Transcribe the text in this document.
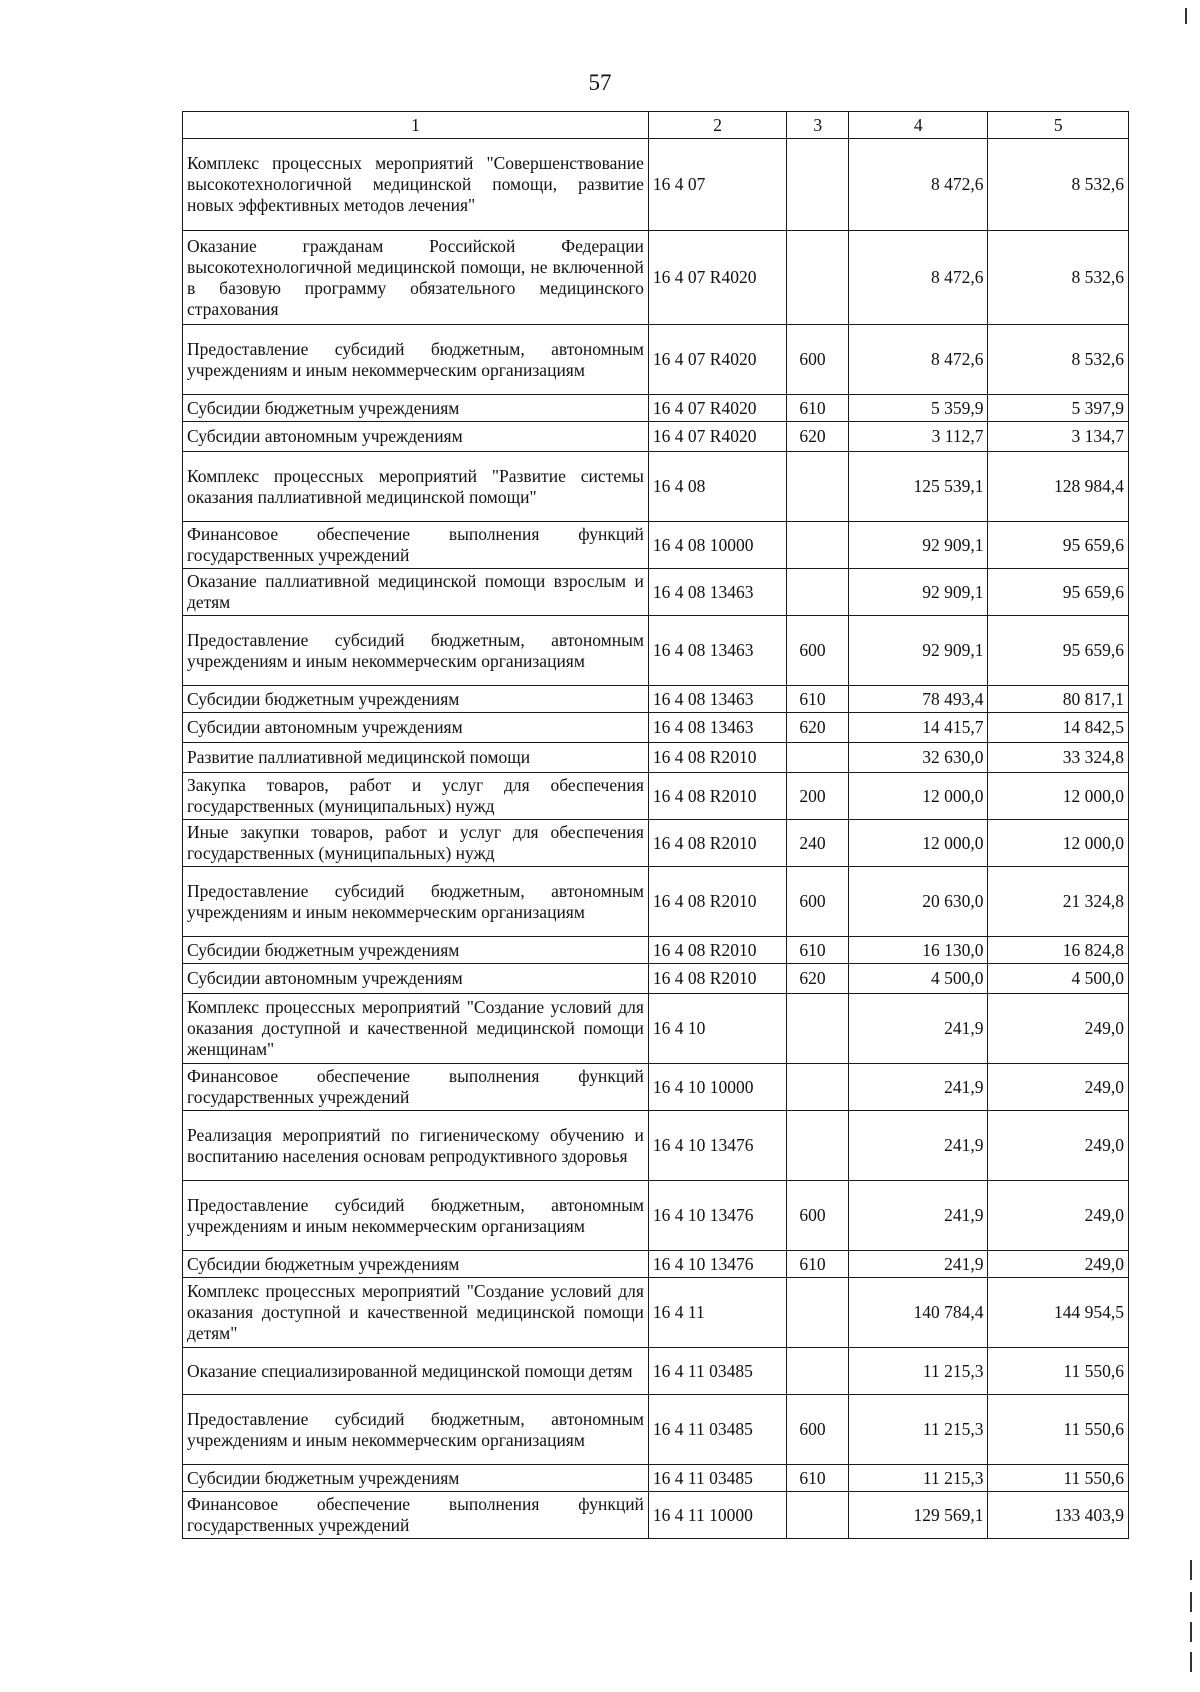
57
1	2	3	4	5
Комплекс процессных мероприятий "Совершенствование высокотехнологичной медицинской помощи, развитие новых эффективных методов лечения"	16 4 07		8 472,6	8 532,6
Оказание гражданам Российской Федерации высокотехнологичной медицинской помощи, не включенной в базовую программу обязательного медицинского страхования	16 4 07 R4020		8 472,6	8 532,6
Предоставление субсидий бюджетным, автономным учреждениям и иным некоммерческим организациям	16 4 07 R4020	600	8 472,6	8 532,6
Субсидии бюджетным учреждениям	16 4 07 R4020	610	5 359,9	5 397,9
Субсидии автономным учреждениям	16 4 07 R4020	620	3 112,7	3 134,7
Комплекс процессных мероприятий "Развитие системы оказания паллиативной медицинской помощи"	16 4 08		125 539,1	128 984,4
Финансовое обеспечение выполнения функций государственных учреждений	16 4 08 10000		92 909,1	95 659,6
Оказание паллиативной медицинской помощи взрослым и детям	16 4 08 13463		92 909,1	95 659,6
Предоставление субсидий бюджетным, автономным учреждениям и иным некоммерческим организациям	16 4 08 13463	600	92 909,1	95 659,6
Субсидии бюджетным учреждениям	16 4 08 13463	610	78 493,4	80 817,1
Субсидии автономным учреждениям	16 4 08 13463	620	14 415,7	14 842,5
Развитие паллиативной медицинской помощи	16 4 08 R2010		32 630,0	33 324,8
Закупка товаров, работ и услуг для обеспечения государственных (муниципальных) нужд	16 4 08 R2010	200	12 000,0	12 000,0
Иные закупки товаров, работ и услуг для обеспечения государственных (муниципальных) нужд	16 4 08 R2010	240	12 000,0	12 000,0
Предоставление субсидий бюджетным, автономным учреждениям и иным некоммерческим организациям	16 4 08 R2010	600	20 630,0	21 324,8
Субсидии бюджетным учреждениям	16 4 08 R2010	610	16 130,0	16 824,8
Субсидии автономным учреждениям	16 4 08 R2010	620	4 500,0	4 500,0
Комплекс процессных мероприятий "Создание условий для оказания доступной и качественной медицинской помощи женщинам"	16 4 10		241,9	249,0
Финансовое обеспечение выполнения функций государственных учреждений	16 4 10 10000		241,9	249,0
Реализация мероприятий по гигиеническому обучению и воспитанию населения основам репродуктивного здоровья	16 4 10 13476		241,9	249,0
Предоставление субсидий бюджетным, автономным учреждениям и иным некоммерческим организациям	16 4 10 13476	600	241,9	249,0
Субсидии бюджетным учреждениям	16 4 10 13476	610	241,9	249,0
Комплекс процессных мероприятий "Создание условий для оказания доступной и качественной медицинской помощи детям"	16 4 11		140 784,4	144 954,5
Оказание специализированной медицинской помощи детям	16 4 11 03485		11 215,3	11 550,6
Предоставление субсидий бюджетным, автономным учреждениям и иным некоммерческим организациям	16 4 11 03485	600	11 215,3	11 550,6
Субсидии бюджетным учреждениям	16 4 11 03485	610	11 215,3	11 550,6
Финансовое обеспечение выполнения функций государственных учреждений	16 4 11 10000		129 569,1	133 403,9
